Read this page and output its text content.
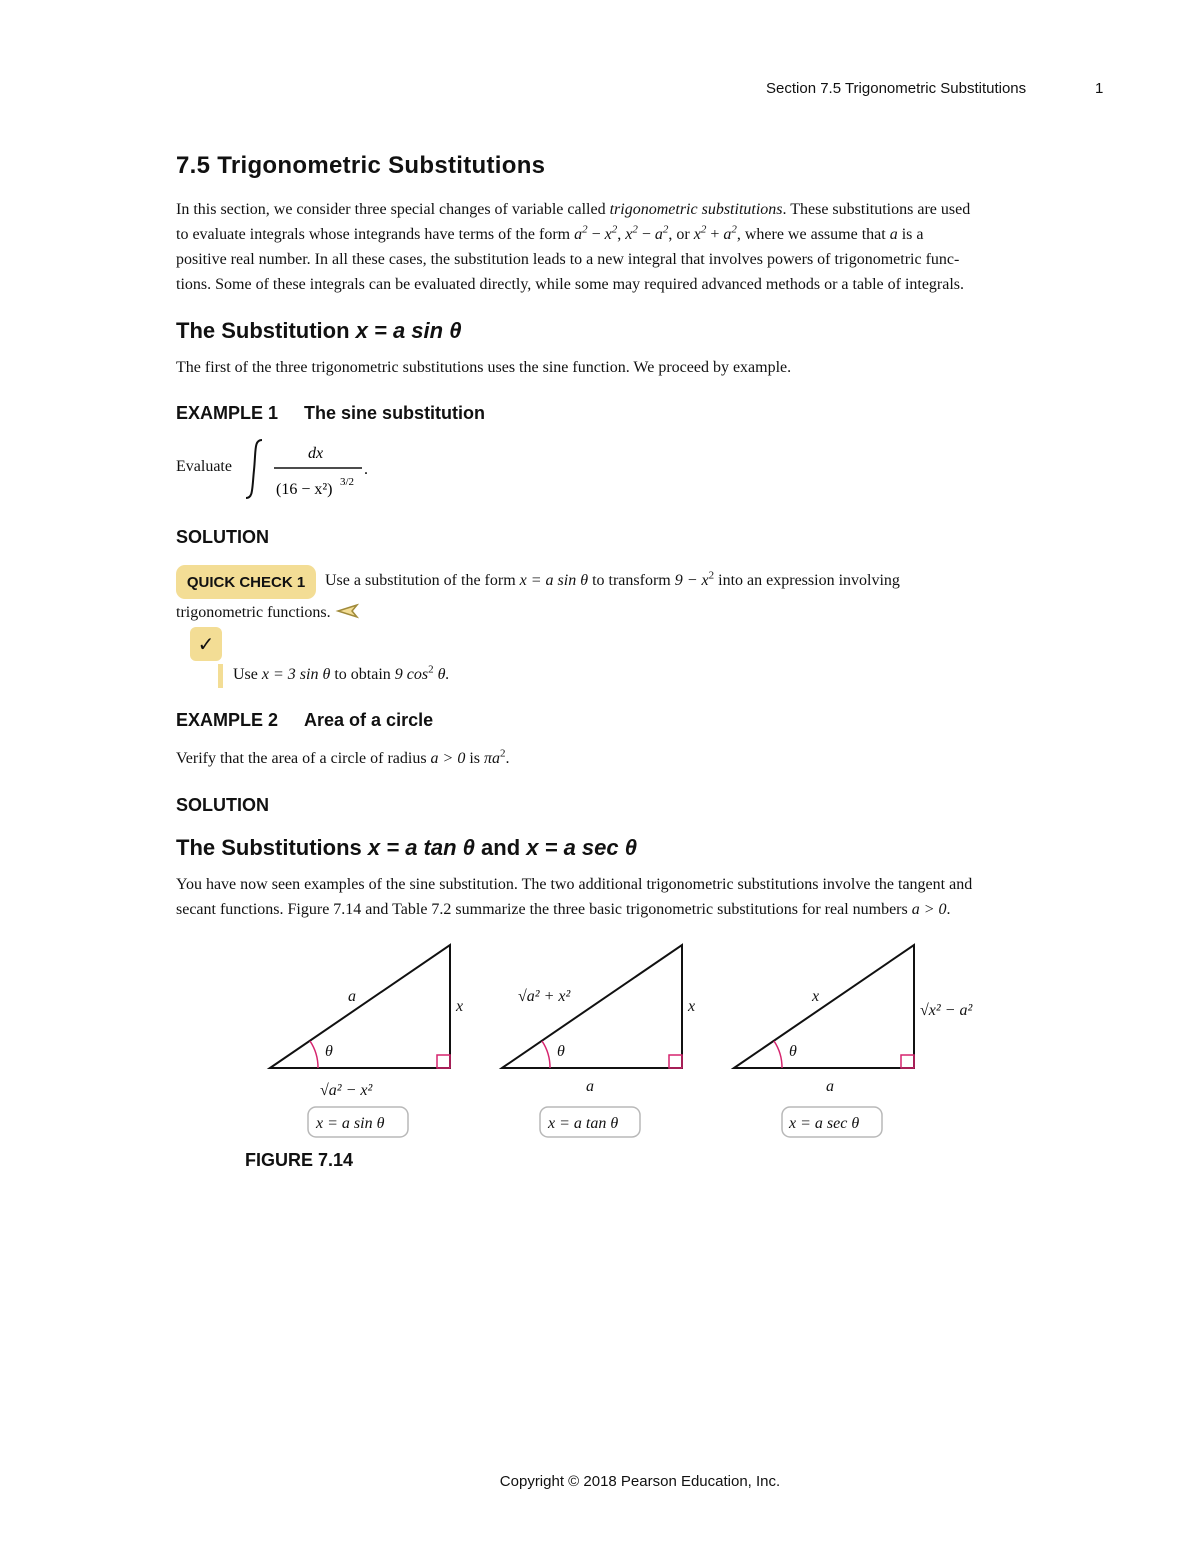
Section 7.5 Trigonometric Substitutions	1
7.5 Trigonometric Substitutions
In this section, we consider three special changes of variable called trigonometric substitutions. These substitutions are used
to evaluate integrals whose integrands have terms of the form $a^2 - x^2$, $x^2 - a^2$, or $x^2 + a^2$, where we assume that a is a
positive real number. In all these cases, the substitution leads to a new integral that involves powers of trigonometric func-
tions. Some of these integrals can be evaluated directly, while some may required advanced methods or a table of integrals.
The Substitution x = a sin θ
The first of the three trigonometric substitutions uses the sine function. We proceed by example.
EXAMPLE 1 The sine substitution
Evaluate
dx
(16 − x²) 3/2
.
SOLUTION
QUICK CHECK 1	Use a substitution of the form x = a sin θ to transform $9 - x^2$ into an expression involving
trigonometric functions.
✓
Use x = 3 sin θ to obtain 9 $\cos^2 \theta$.
EXAMPLE 2 Area of a circle
Verify that the area of a circle of radius a > 0 is $\pi a^2$.
SOLUTION
The Substitutions x = a tan θ and x = a sec θ
You have now seen examples of the sine substitution. The two additional trigonometric substitutions involve the tangent and
secant functions. Figure 7.14 and Table 7.2 summarize the three basic trigonometric substitutions for real numbers a > 0.
a
x
θ
√a² − x²
x = a sin θ
√a² + x²
x
θ
a
x = a tan θ
x
√x² − a²
θ
a
x = a sec θ
FIGURE 7.14
Copyright © 2018 Pearson Education, Inc.
